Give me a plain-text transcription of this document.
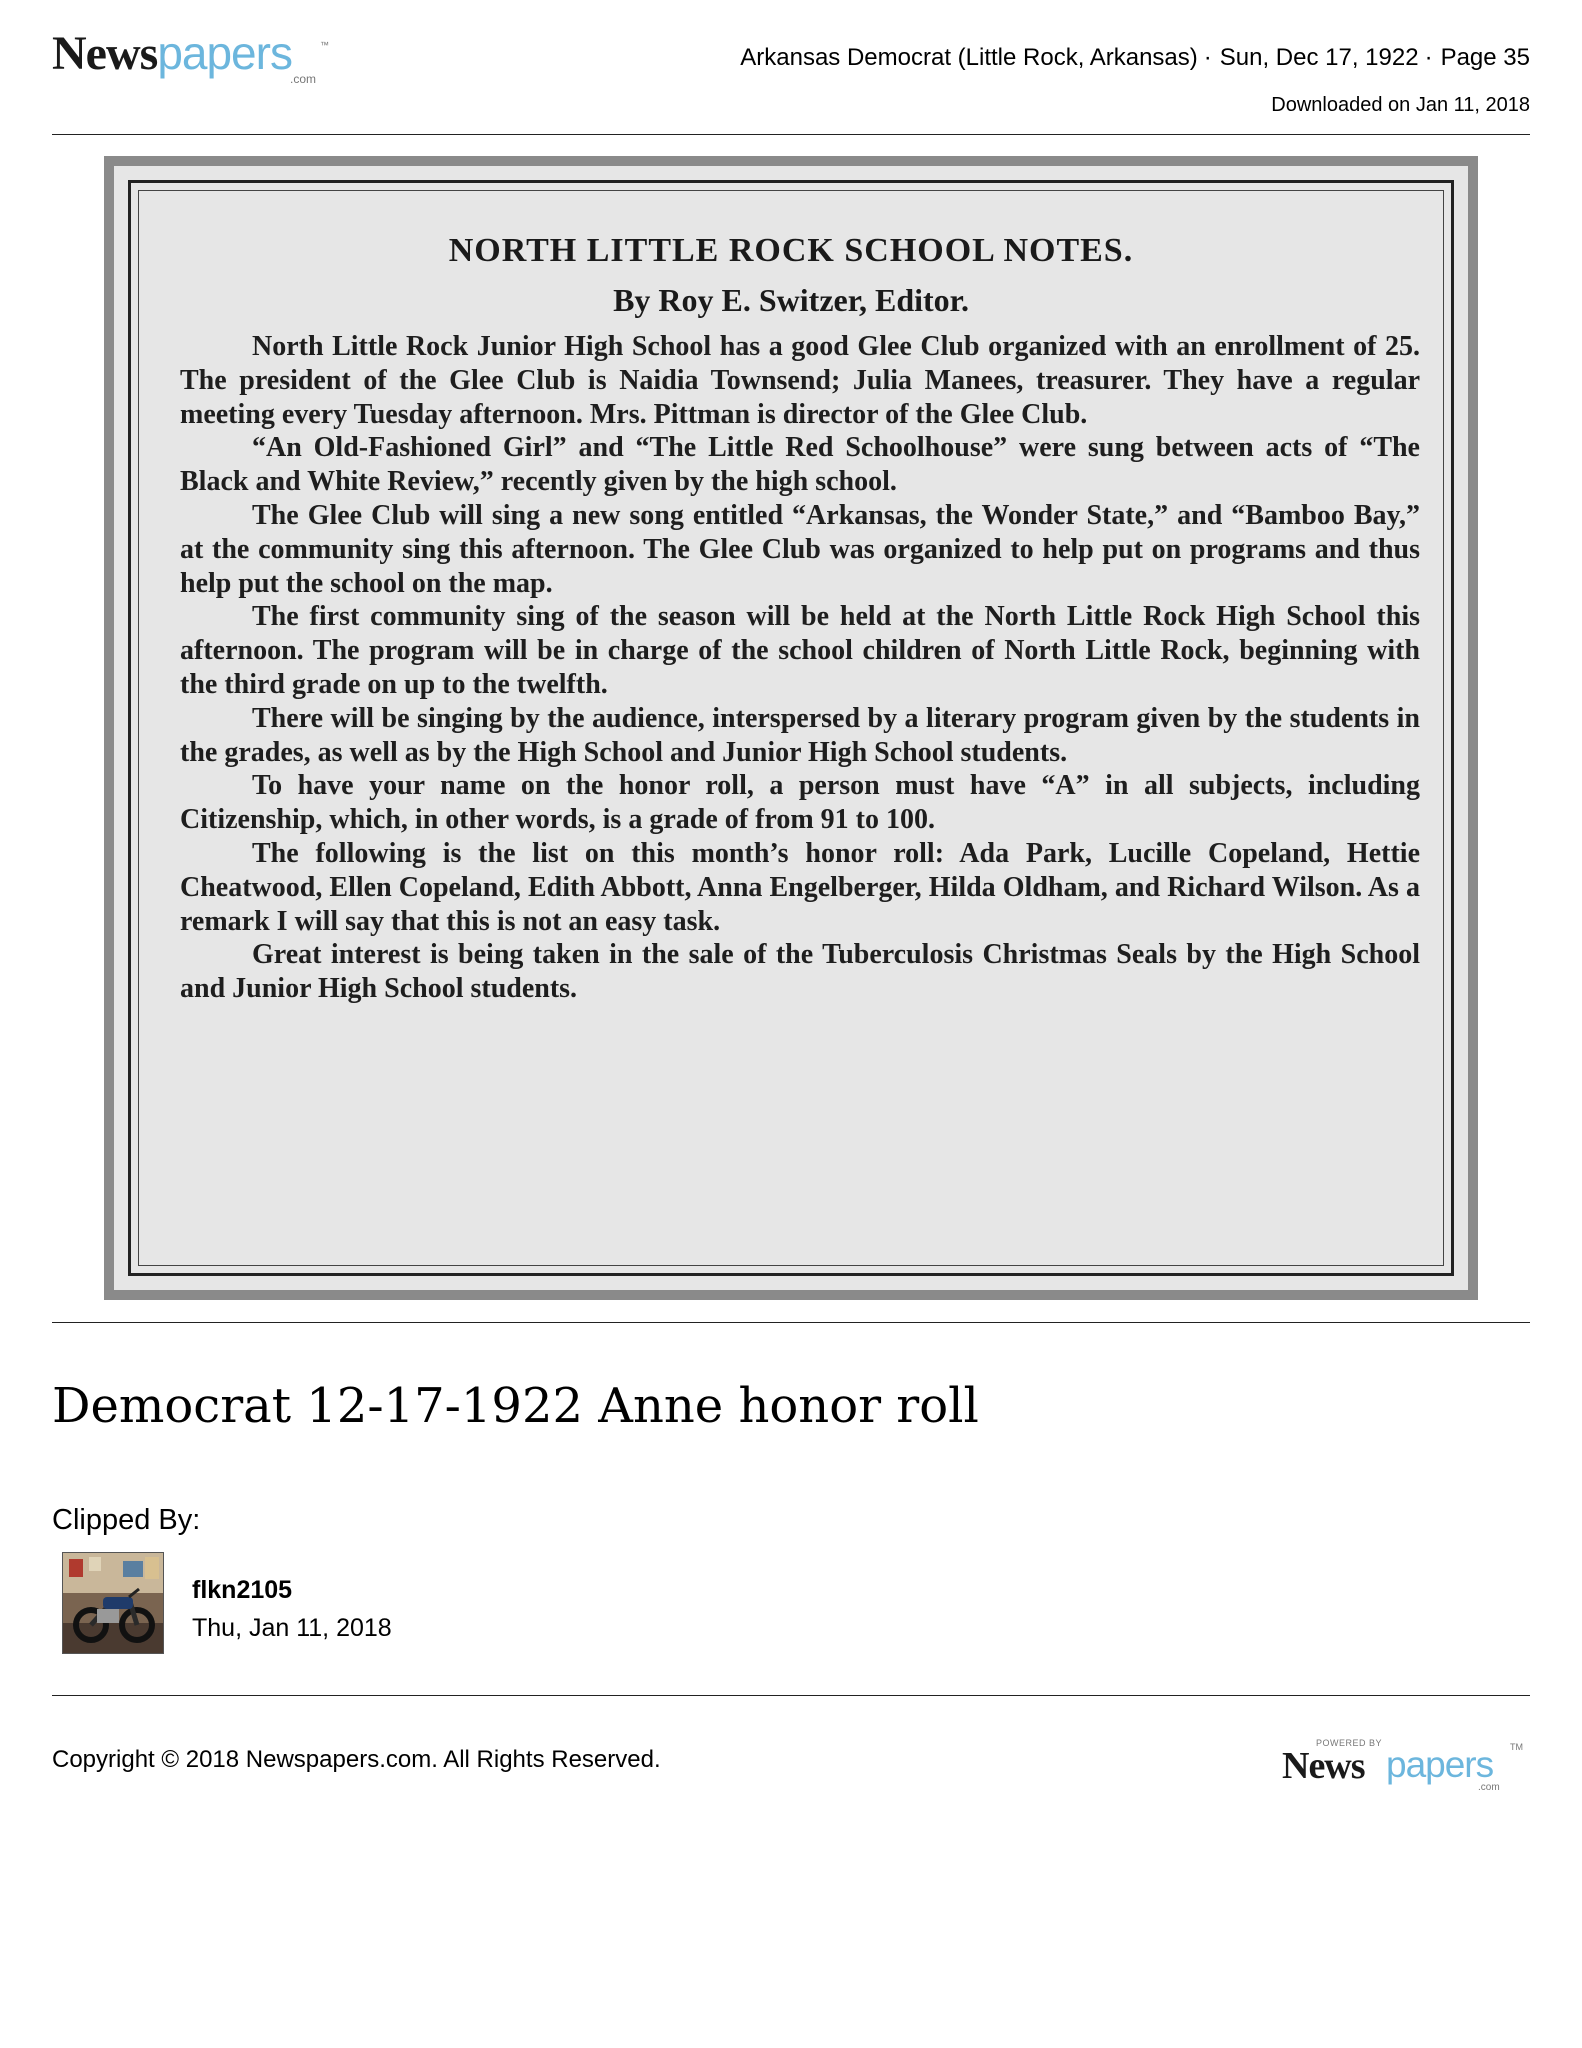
Newspapers
.com
™	Arkansas Democrat (Little Rock, Arkansas) · Sun, Dec 17, 1922 · Page 35
Downloaded on Jan 11, 2018
NORTH LITTLE ROCK SCHOOL NOTES.
By Roy E. Switzer, Editor.

North Little Rock Junior High School has a good Glee Club organized with an enrollment of 25. The president of the Glee Club is Naidia Townsend; Julia Manees, treasurer. They have a regular meeting every Tuesday afternoon. Mrs. Pittman is director of the Glee Club.

“An Old-Fashioned Girl” and “The Little Red Schoolhouse” were sung between acts of “The Black and White Review,” recently given by the high school.

The Glee Club will sing a new song entitled “Arkansas, the Wonder State,” and “Bamboo Bay,” at the community sing this afternoon. The Glee Club was organized to help put on programs and thus help put the school on the map.

The first community sing of the season will be held at the North Little Rock High School this afternoon. The program will be in charge of the school children of North Little Rock, beginning with the third grade on up to the twelfth.

There will be singing by the audience, interspersed by a literary program given by the students in the grades, as well as by the High School and Junior High School students.

To have your name on the honor roll, a person must have “A” in all subjects, including Citizenship, which, in other words, is a grade of from 91 to 100.

The following is the list on this month’s honor roll: Ada Park, Lucille Copeland, Hettie Cheatwood, Ellen Copeland, Edith Abbott, Anna Engelberger, Hilda Oldham, and Richard Wilson. As a remark I will say that this is not an easy task.

Great interest is being taken in the sale of the Tuberculosis Christmas Seals by the High School and Junior High School students.

Democrat 12-17-1922 Anne honor roll
Clipped By:
flkn2105
Thu, Jan 11, 2018
Copyright © 2018 Newspapers.com. All Rights Reserved.
POWERED BY
News papers TM
.com
